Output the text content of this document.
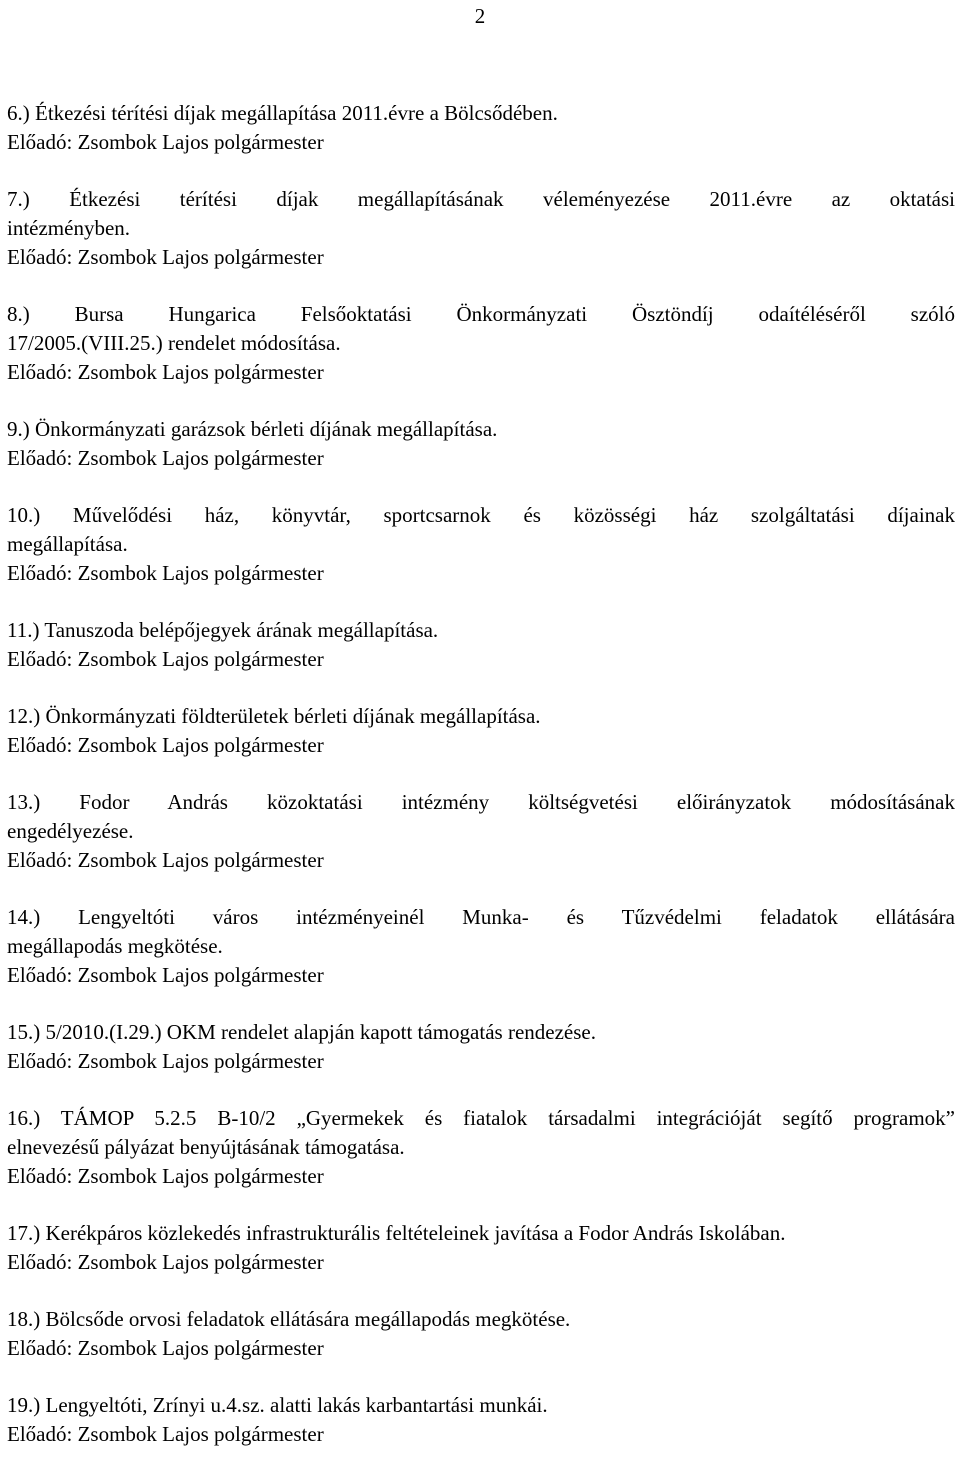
2

6.) Étkezési térítési díjak megállapítása 2011.évre a Bölcsődében.

Előadó: Zsombok Lajos polgármester

7.) Étkezési térítési díjak megállapításának véleményezése 2011.évre az oktatási

intézményben.

Előadó: Zsombok Lajos polgármester

8.) Bursa Hungarica Felsőoktatási Önkormányzati Ösztöndíj odaítéléséről szóló

17/2005.(VIII.25.) rendelet módosítása.

Előadó: Zsombok Lajos polgármester

9.) Önkormányzati garázsok bérleti díjának megállapítása.

Előadó: Zsombok Lajos polgármester

10.) Művelődési ház, könyvtár, sportcsarnok és közösségi ház szolgáltatási díjainak

megállapítása.

Előadó: Zsombok Lajos polgármester

11.) Tanuszoda belépőjegyek árának megállapítása.

Előadó: Zsombok Lajos polgármester

12.) Önkormányzati földterületek bérleti díjának megállapítása.

Előadó: Zsombok Lajos polgármester

13.) Fodor András közoktatási intézmény költségvetési előirányzatok módosításának

engedélyezése.

Előadó: Zsombok Lajos polgármester

14.) Lengyeltóti város intézményeinél Munka- és Tűzvédelmi feladatok ellátására

megállapodás megkötése.

Előadó: Zsombok Lajos polgármester

15.) 5/2010.(I.29.) OKM rendelet alapján kapott támogatás rendezése.

Előadó: Zsombok Lajos polgármester

16.) TÁMOP 5.2.5 B-10/2 „Gyermekek és fiatalok társadalmi integrációját segítő programok”

elnevezésű pályázat benyújtásának támogatása.

Előadó: Zsombok Lajos polgármester

17.) Kerékpáros közlekedés infrastrukturális feltételeinek javítása a Fodor András Iskolában.

Előadó: Zsombok Lajos polgármester

18.) Bölcsőde orvosi feladatok ellátására megállapodás megkötése.

Előadó: Zsombok Lajos polgármester

19.) Lengyeltóti, Zrínyi u.4.sz. alatti lakás karbantartási munkái.

Előadó: Zsombok Lajos polgármester
